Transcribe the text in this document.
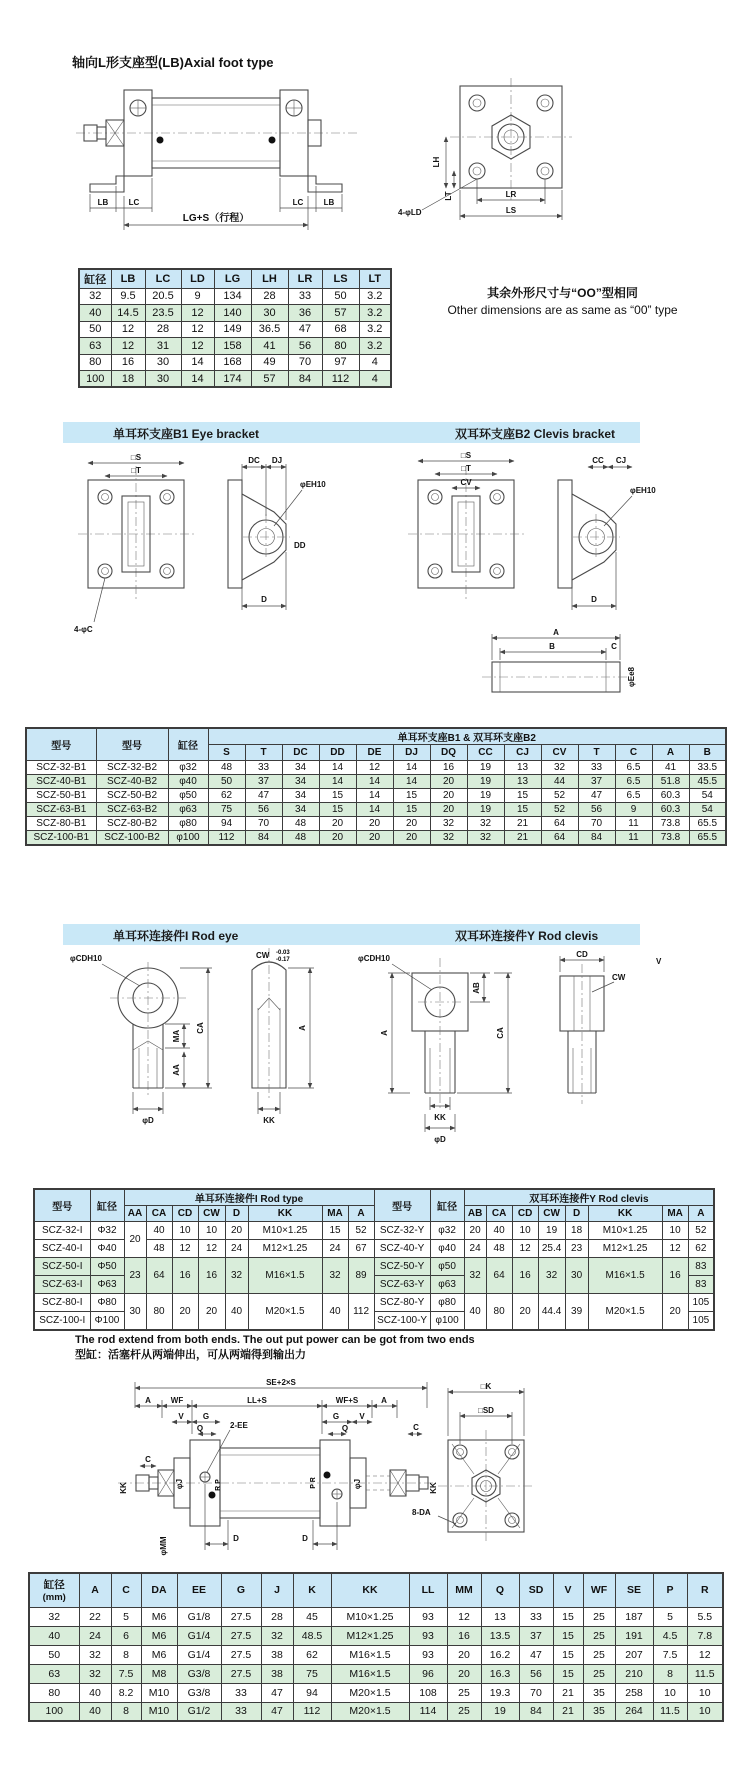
轴向L形支座型(LB)Axial foot type
LB	LC	LC	LB
LG+S（行程）
LH
LT
4-φLD
LR
LS
缸径	LB	LC	LD	LG	LH	LR	LS	LT
32	9.5	20.5	9	134	28	33	50	3.2
40	14.5	23.5	12	140	30	36	57	3.2
50	12	28	12	149	36.5	47	68	3.2
63	12	31	12	158	41	56	80	3.2
80	16	30	14	168	49	70	97	4
100	18	30	14	174	57	84	112	4
其余外形尺寸与“OO”型相同
Other dimensions are as same as “00” type
单耳环支座B1 Eye bracket	双耳环支座B2 Clevis bracket
□S
□T
4-φC
DC DJ
φEH10
DD
D
□S
□T
CV
CC CJ
φEH10
D
A
B	C
φEe8
型号	型号	缸径	单耳环支座B1 & 双耳环支座B2													
			S	T	DC	DD	DE	DJ	DQ	CC	CJ	CV	T	C	A	B
SCZ-32-B1	SCZ-32-B2	φ32	48	33	34	14	12	14	16	19	13	32	33	6.5	41	33.5
SCZ-40-B1	SCZ-40-B2	φ40	50	37	34	14	14	14	20	19	13	44	37	6.5	51.8	45.5
SCZ-50-B1	SCZ-50-B2	φ50	62	47	34	15	14	15	20	19	15	52	47	6.5	60.3	54
SCZ-63-B1	SCZ-63-B2	φ63	75	56	34	15	14	15	20	19	15	52	56	9	60.3	54
SCZ-80-B1	SCZ-80-B2	φ80	94	70	48	20	20	20	32	32	21	64	70	11	73.8	65.5
SCZ-100-B1	SCZ-100-B2	φ100	112	84	48	20	20	20	32	32	21	64	84	11	73.8	65.5
单耳环连接件I Rod eye	双耳环连接件Y Rod clevis
φCDH10
MA
CA
AA
φD
CW -0.03
-0.17
KK
A
φCDH10
A
AB
CA
KK
φD
CD
V
CW
型号	缸径	单耳环连接件I Rod type								型号	缸径	双耳环连接件Y Rod clevis							
		AA	CA	CD	CW	D	KK	MA	A			AB	CA	CD	CW	D	KK	MA	A
SCZ-32-I	Φ32	20	40	10	10	20	M10×1.25	15	52	SCZ-32-Y	φ32	20	40	10	19	18	M10×1.25	10	52
SCZ-40-I	Φ40		48	12	12	24	M12×1.25	24	67	SCZ-40-Y	φ40	24	48	12	25.4	23	M12×1.25	12	62
SCZ-50-I	Φ50	23	64	16	16	32	M16×1.5	32	89	SCZ-50-Y	φ50	32	64	16	32	30	M16×1.5	16	83
SCZ-63-I	Φ63									SCZ-63-Y	φ63								83
SCZ-80-I	Φ80	30	80	20	20	40	M20×1.5	40	112	SCZ-80-Y	φ80	40	80	20	44.4	39	M20×1.5	20	105
SCZ-100-I	Φ100									SCZ-100-Y	φ100								105
The rod extend from both ends. The out put power can be got from two ends
型缸：活塞杆从两端伸出，可从两端得到输出力
SE+2×S
A WF	LL+S	WF+S	A
V G
Q
G
Q
V
C
C
2-EE
KK	φJ	R P	P R	φJ	KK
φMM	D	D
□K
□SD
8-DA
缸径
(mm)	A	C	DA	EE	G	J	K	KK	LL	MM	Q	SD	V	WF	SE	P	R
32	22	5	M6	G1/8	27.5	28	45	M10×1.25	93	12	13	33	15	25	187	5	5.5
40	24	6	M6	G1/4	27.5	32	48.5	M12×1.25	93	16	13.5	37	15	25	191	4.5	7.8
50	32	8	M6	G1/4	27.5	38	62	M16×1.5	93	20	16.2	47	15	25	207	7.5	12
63	32	7.5	M8	G3/8	27.5	38	75	M16×1.5	96	20	16.3	56	15	25	210	8	11.5
80	40	8.2	M10	G3/8	33	47	94	M20×1.5	108	25	19.3	70	21	35	258	10	10
100	40	8	M10	G1/2	33	47	112	M20×1.5	114	25	19	84	21	35	264	11.5	10
